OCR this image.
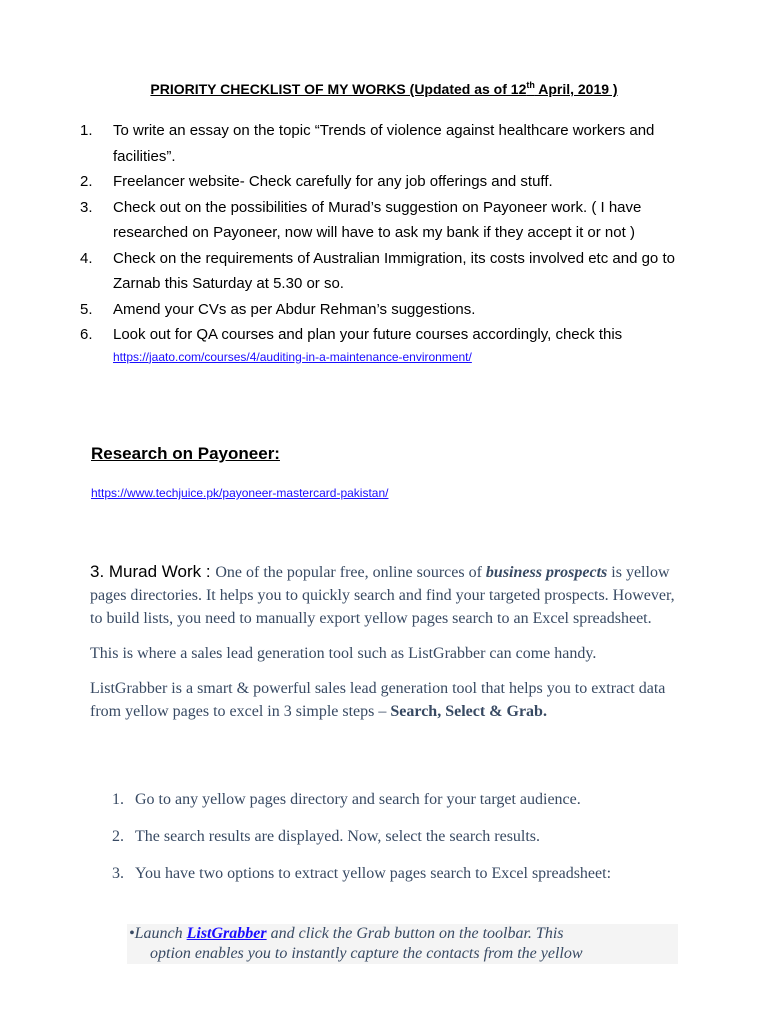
PRIORITY CHECKLIST OF MY WORKS (Updated as of 12th April, 2019 )
1. To write an essay on the topic “Trends of violence against healthcare workers and facilities”.
2. Freelancer website- Check carefully for any job offerings and stuff.
3. Check out on the possibilities of Murad’s suggestion on Payoneer work. ( I have researched on Payoneer, now will have to ask my bank if they accept it or not )
4. Check on the requirements of Australian Immigration, its costs involved etc and go to Zarnab this Saturday at 5.30 or so.
5. Amend your CVs as per Abdur Rehman’s suggestions.
6. Look out for QA courses and plan your future courses accordingly, check this
https://jaato.com/courses/4/auditing-in-a-maintenance-environment/
Research on Payoneer:
https://www.techjuice.pk/payoneer-mastercard-pakistan/

3. Murad Work : One of the popular free, online sources of business prospects is yellow pages directories. It helps you to quickly search and find your targeted prospects. However, to build lists, you need to manually export yellow pages search to an Excel spreadsheet.

This is where a sales lead generation tool such as ListGrabber can come handy.

ListGrabber is a smart & powerful sales lead generation tool that helps you to extract data from yellow pages to excel in 3 simple steps – Search, Select & Grab.

1. Go to any yellow pages directory and search for your target audience.
2. The search results are displayed. Now, select the search results.
3. You have two options to extract yellow pages search to Excel spreadsheet:
•Launch ListGrabber and click the Grab button on the toolbar. This
option enables you to instantly capture the contacts from the yellow
